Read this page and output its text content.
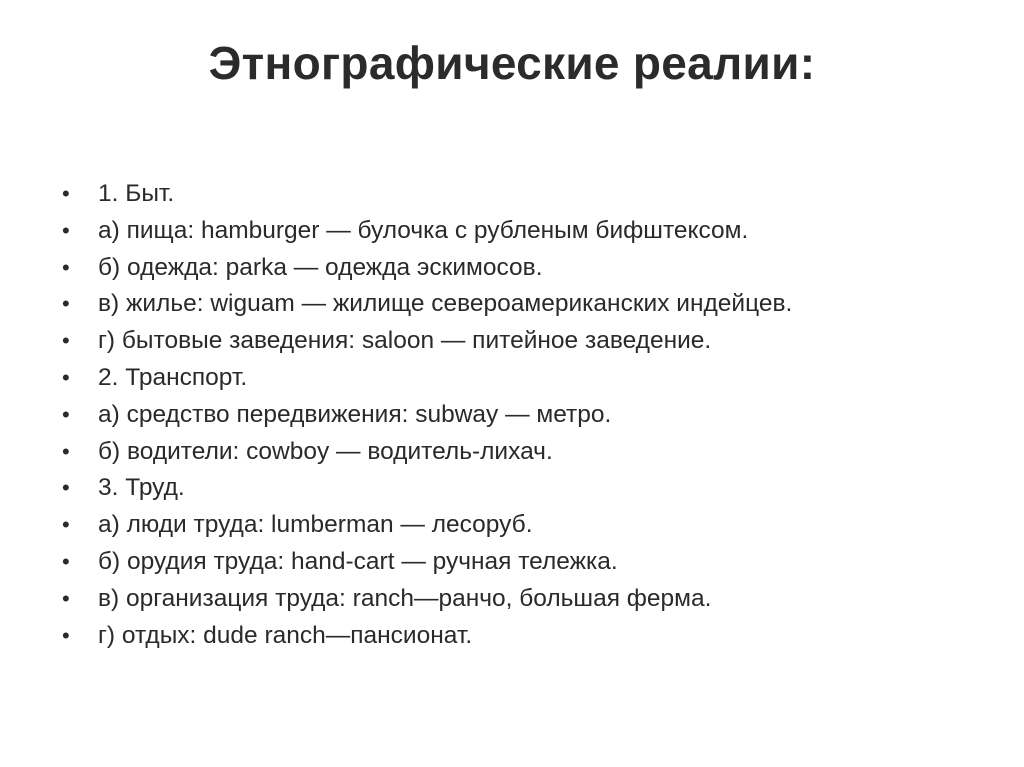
Этнографические реалии:
•	1. Быт.
•	а) пища: hamburger — булочка с рубленым бифштексом.
•	б) одежда: parka — одежда эскимосов.
•	в) жилье: wiguam — жилище североамериканских индейцев.
•	г) бытовые заведения: saloon — питейное заведение.
•	2. Транспорт.
•	а) средство передвижения: subway — метро.
•	б) водители: cowboy — водитель-лихач.
•	3. Труд.
•	а) люди труда: lumberman — лесоруб.
•	б) орудия труда: hand-cart — ручная тележка.
•	в) организация труда: ranch—ранчо, большая ферма.
•	г) отдых: dude ranch—пансионат.
